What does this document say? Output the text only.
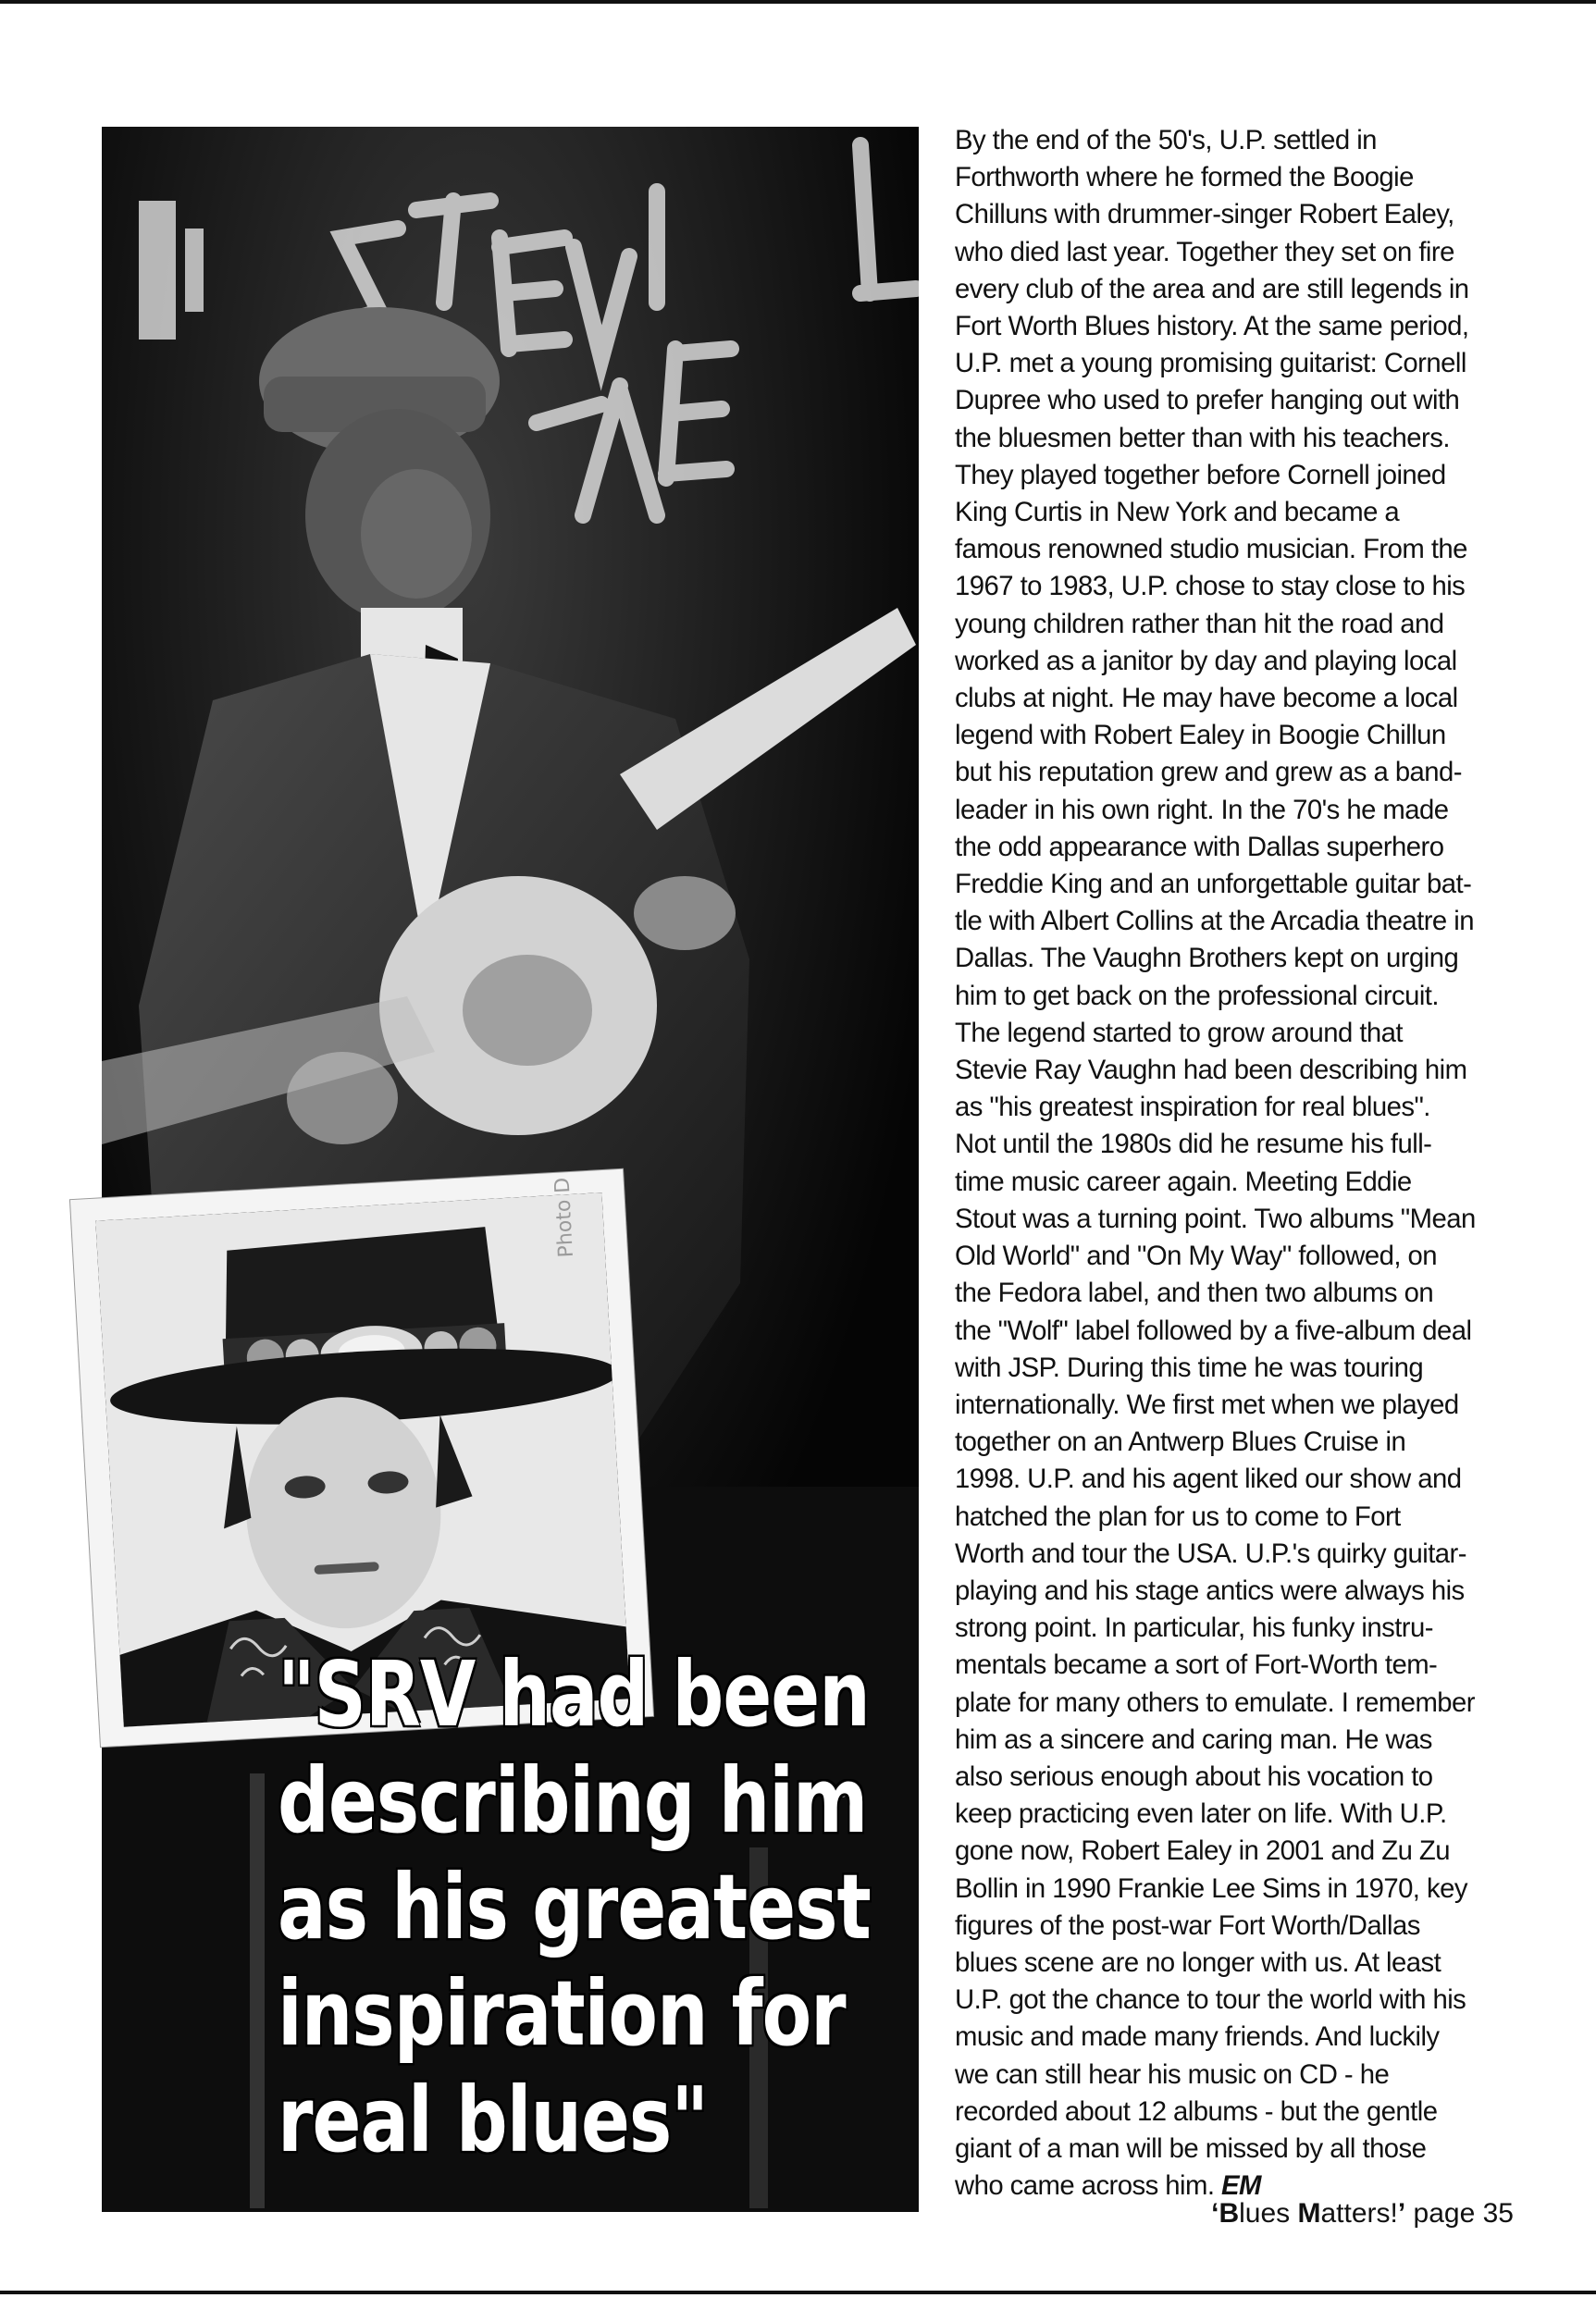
Photo D
"SRV had been
describing him
as his greatest
inspiration for
real blues"
By the end of the 50's, U.P. settled in
Forthworth where he formed the Boogie
Chilluns with drummer-singer Robert Ealey,
who died last year. Together they set on fire
every club of the area and are still legends in
Fort Worth Blues history. At the same period,
U.P. met a young promising guitarist: Cornell
Dupree who used to prefer hanging out with
the bluesmen better than with his teachers.
They played together before Cornell joined
King Curtis in New York and became a
famous renowned studio musician. From the
1967 to 1983, U.P. chose to stay close to his
young children rather than hit the road and
worked as a janitor by day and playing local
clubs at night. He may have become a local
legend with Robert Ealey in Boogie Chillun
but his reputation grew and grew as a band-
leader in his own right. In the 70's he made
the odd appearance with Dallas superhero
Freddie King and an unforgettable guitar bat-
tle with Albert Collins at the Arcadia theatre in
Dallas. The Vaughn Brothers kept on urging
him to get back on the professional circuit.
The legend started to grow around that
Stevie Ray Vaughn had been describing him
as "his greatest inspiration for real blues".
Not until the 1980s did he resume his full-
time music career again. Meeting Eddie
Stout was a turning point. Two albums "Mean
Old World" and "On My Way" followed, on
the Fedora label, and then two albums on
the "Wolf" label followed by a five-album deal
with JSP. During this time he was touring
internationally. We first met when we played
together on an Antwerp Blues Cruise in
1998. U.P. and his agent liked our show and
hatched the plan for us to come to Fort
Worth and tour the USA. U.P.'s quirky guitar-
playing and his stage antics were always his
strong point. In particular, his funky instru-
mentals became a sort of Fort-Worth tem-
plate for many others to emulate. I remember
him as a sincere and caring man. He was
also serious enough about his vocation to
keep practicing even later on life. With U.P.
gone now, Robert Ealey in 2001 and Zu Zu
Bollin in 1990 Frankie Lee Sims in 1970, key
figures of the post-war Fort Worth/Dallas
blues scene are no longer with us. At least
U.P. got the chance to tour the world with his
music and made many friends. And luckily
we can still hear his music on CD - he
recorded about 12 albums - but the gentle
giant of a man will be missed by all those
who came across him. EM
‘Blues Matters!’ page 35
